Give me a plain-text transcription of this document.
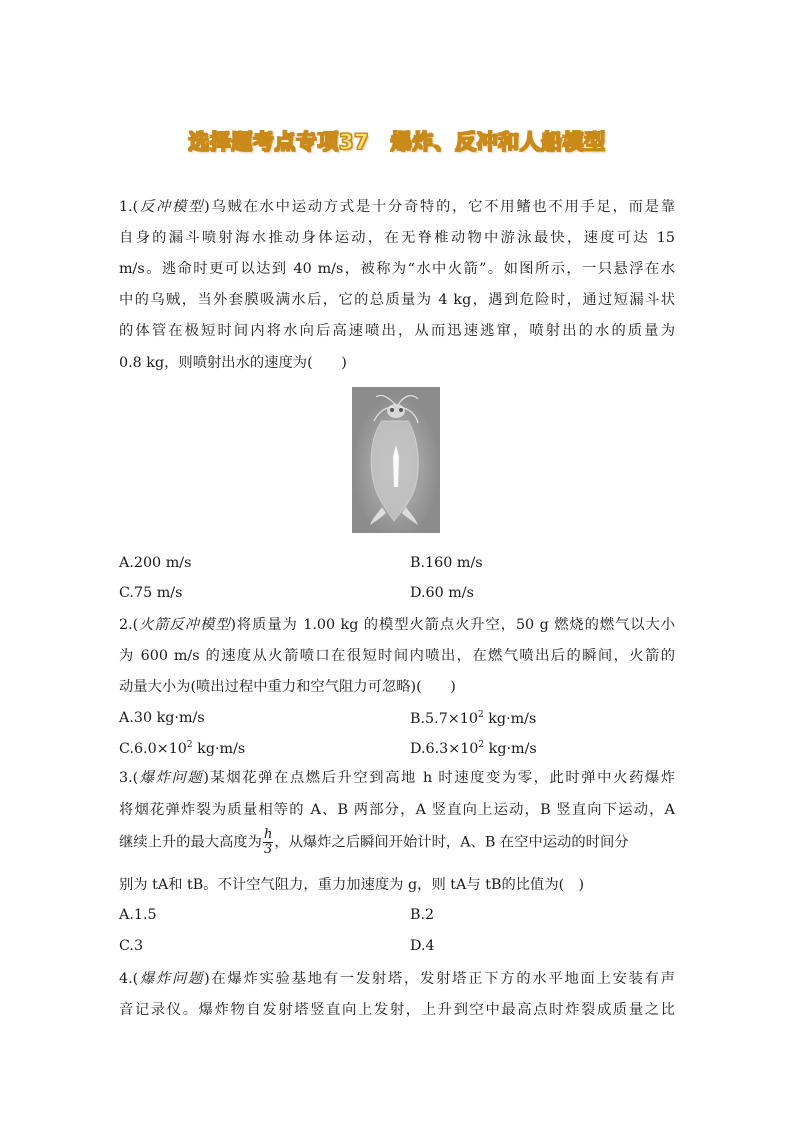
选择题考点专项37　爆炸、反冲和人船模型
1.(反冲模型)乌贼在水中运动方式是十分奇特的，它不用鳍也不用手足，而是靠
自身的漏斗喷射海水推动身体运动，在无脊椎动物中游泳最快，速度可达 15
m/s。逃命时更可以达到 40 m/s，被称为“水中火箭”。如图所示，一只悬浮在水
中的乌贼，当外套膜吸满水后，它的总质量为 4 kg，遇到危险时，通过短漏斗状
的体管在极短时间内将水向后高速喷出，从而迅速逃窜，喷射出的水的质量为
0.8 kg，则喷射出水的速度为(　　)
A.200 m/s	B.160 m/s
C.75 m/s	D.60 m/s
2.(火箭反冲模型)将质量为 1.00 kg 的模型火箭点火升空，50 g 燃烧的燃气以大小
为 600 m/s 的速度从火箭喷口在很短时间内喷出，在燃气喷出后的瞬间，火箭的
动量大小为(喷出过程中重力和空气阻力可忽略)(　　)
A.30 kg·m/s	$B.5.7\times 10^2$ kg·m/s
$C.6.0\times 10^2$ kg·m/s	$D.6.3\times 10^2$ kg·m/s
3.(爆炸问题)某烟花弹在点燃后升空到高地 h 时速度变为零，此时弹中火药爆炸
将烟花弹炸裂为质量相等的 A、B 两部分，A 竖直向上运动，B 竖直向下运动，A
继续上升的最大高度为 $\frac{h}{3}$ ，从爆炸之后瞬间开始计时，A、B 在空中运动的时间分
别为 tA和 tB。不计空气阻力，重力加速度为 g，则 tA与 tB的比值为(　)
A.1.5	B.2
C.3	D.4
4.(爆炸问题)在爆炸实验基地有一发射塔，发射塔正下方的水平地面上安装有声
音记录仪。爆炸物自发射塔竖直向上发射，上升到空中最高点时炸裂成质量之比
